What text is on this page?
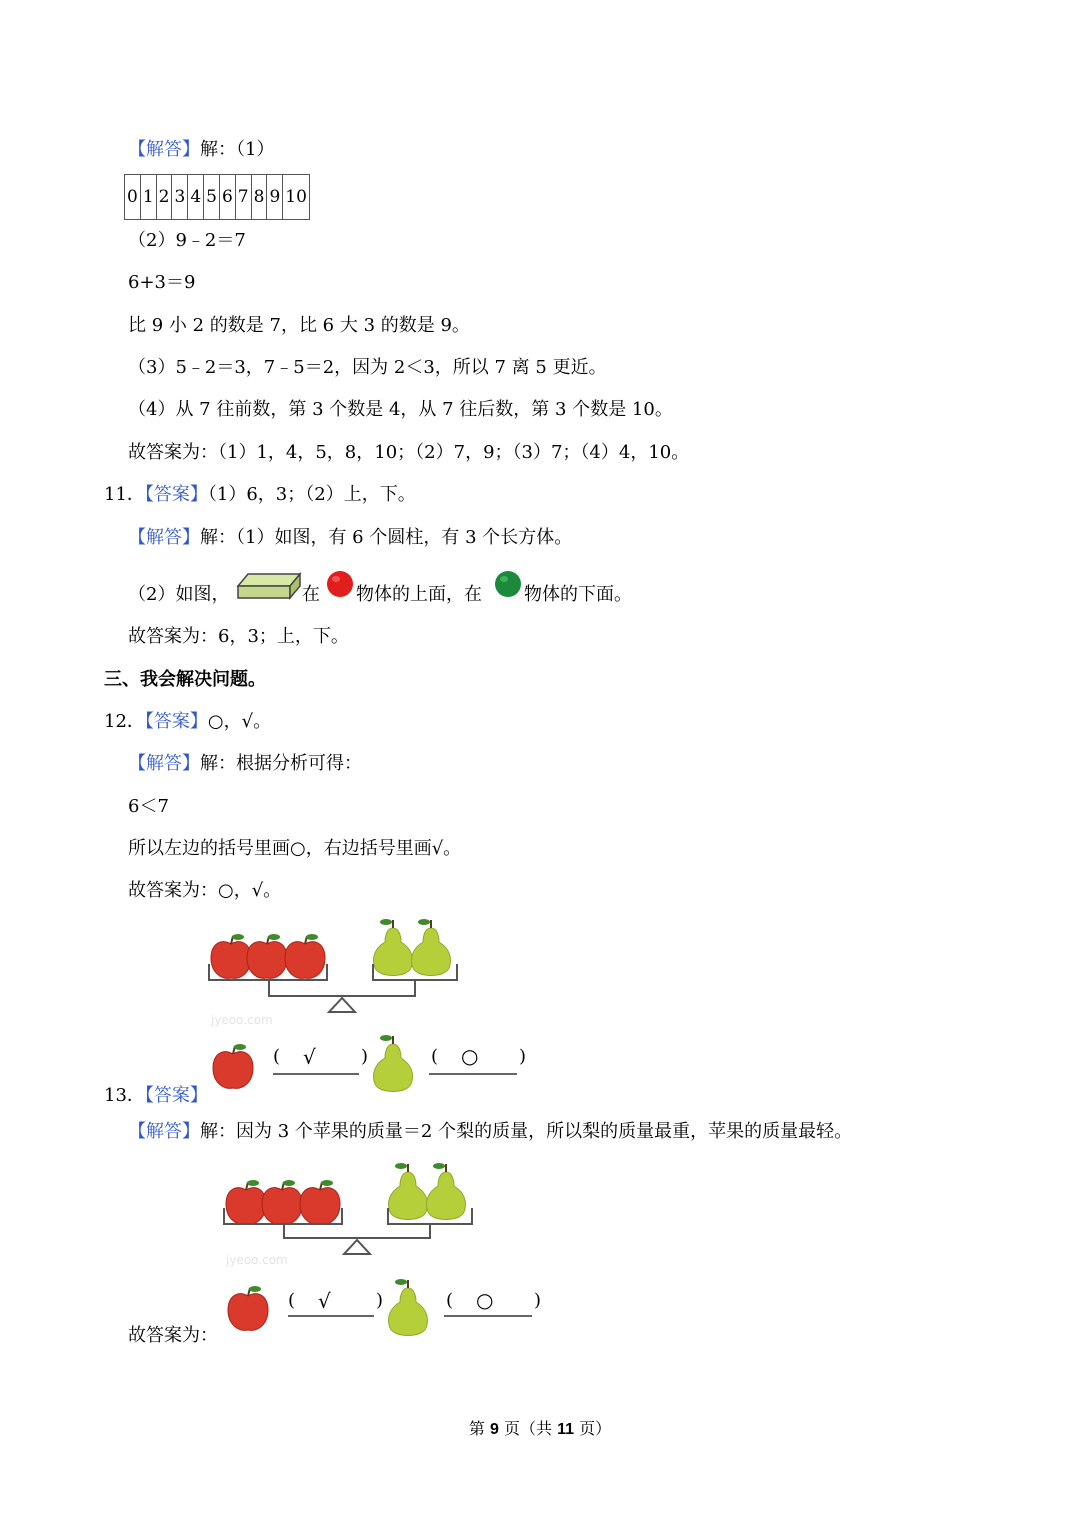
【解答】解：（1）
0 1 2 3 4 5 6 7 8 9 10
（2）9﹣2＝7
6+3＝9
比 9 小 2 的数是 7，比 6 大 3 的数是 9。
（3）5﹣2＝3，7﹣5＝2，因为 2＜3，所以 7 离 5 更近。
（4）从 7 往前数，第 3 个数是 4，从 7 往后数，第 3 个数是 10。
故答案为：（1）1，4，5，8，10；（2）7，9；（3）7；（4）4，10。
11．【答案】（1）6，3；（2）上，下。
【解答】解：（1）如图，有 6 个圆柱，有 3 个长方体。
（2）如图，	在 物体的上面，在 物体的下面。
故答案为：6，3；上，下。
三、我会解决问题。
12．【答案】○，√。
【解答】解：根据分析可得：
6＜7
所以左边的括号里画○，右边括号里画√。
故答案为：○，√。
jyeoo.com
( √	)	( ○ )
13．【答案】
【解答】解：因为 3 个苹果的质量＝2 个梨的质量，所以梨的质量最重，苹果的质量最轻。
jyeoo.com
( √	)	( ○ )
故答案为：
第 9 页（共 11 页）
